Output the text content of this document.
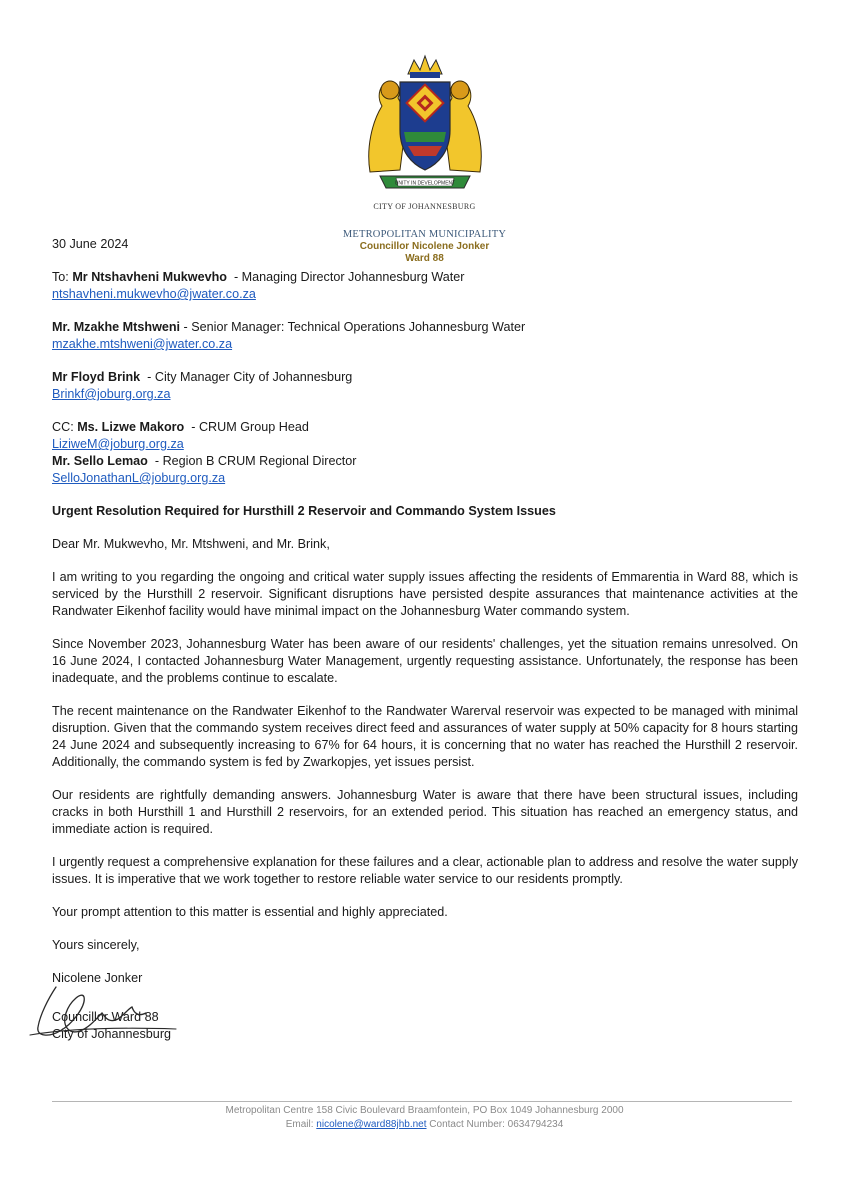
UNITY IN DEVELOPMENT
CITY OF JOHANNESBURG
METROPOLITAN MUNICIPALITY
Councillor Nicolene Jonker
Ward 88

30 June 2024

To: Mr Ntshavheni Mukwevho  - Managing Director Johannesburg Water

ntshavheni.mukwevho@jwater.co.za

Mr. Mzakhe Mtshweni - Senior Manager: Technical Operations Johannesburg Water

mzakhe.mtshweni@jwater.co.za

Mr Floyd Brink  - City Manager City of Johannesburg

Brinkf@joburg.org.za

CC: Ms. Lizwe Makoro  - CRUM Group Head

LiziweM@joburg.org.za

Mr. Sello Lemao  - Region B CRUM Regional Director

SelloJonathanL@joburg.org.za

Urgent Resolution Required for Hursthill 2 Reservoir and Commando System Issues

Dear Mr. Mukwevho, Mr. Mtshweni, and Mr. Brink,

I am writing to you regarding the ongoing and critical water supply issues affecting the residents of Emmarentia in Ward 88, which is serviced by the Hursthill 2 reservoir. Significant disruptions have persisted despite assurances that maintenance activities at the Randwater Eikenhof facility would have minimal impact on the Johannesburg Water commando system.

Since November 2023, Johannesburg Water has been aware of our residents' challenges, yet the situation remains unresolved. On 16 June 2024, I contacted Johannesburg Water Management, urgently requesting assistance. Unfortunately, the response has been inadequate, and the problems continue to escalate.

The recent maintenance on the Randwater Eikenhof to the Randwater Warerval reservoir was expected to be managed with minimal disruption. Given that the commando system receives direct feed and assurances of water supply at 50% capacity for 8 hours starting 24 June 2024 and subsequently increasing to 67% for 64 hours, it is concerning that no water has reached the Hursthill 2 reservoir. Additionally, the commando system is fed by Zwarkopjes, yet issues persist.

Our residents are rightfully demanding answers. Johannesburg Water is aware that there have been structural issues, including cracks in both Hursthill 1 and Hursthill 2 reservoirs, for an extended period. This situation has reached an emergency status, and immediate action is required.

I urgently request a comprehensive explanation for these failures and a clear, actionable plan to address and resolve the water supply issues. It is imperative that we work together to restore reliable water service to our residents promptly.

Your prompt attention to this matter is essential and highly appreciated.

Yours sincerely,

Nicolene Jonker

Councillor Ward 88

City of Johannesburg

Metropolitan Centre 158 Civic Boulevard Braamfontein, PO Box 1049 Johannesburg 2000
Email: nicolene@ward88jhb.net Contact Number: 0634794234
